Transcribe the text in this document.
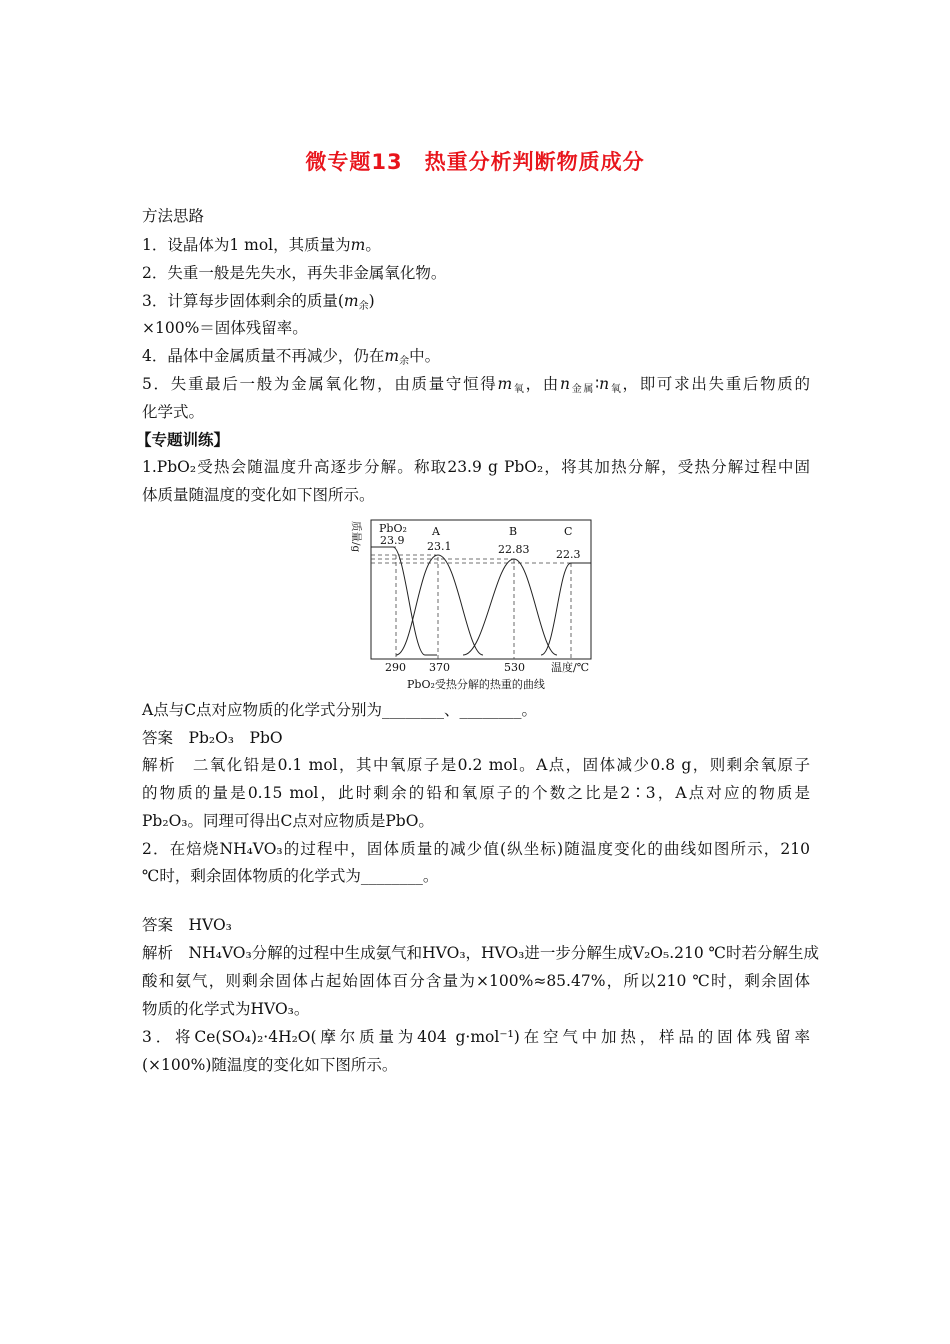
微专题13　热重分析判断物质成分
方法思路
1．设晶体为1 mol，其质量为m。
2．失重一般是先失水，再失非金属氧化物。
3．计算每步固体剩余的质量$(m_余)$
×100%＝固体残留率。
4．晶体中金属质量不再减少，仍在$m_余$中。
5．失重最后一般为金属氧化物，由质量守恒得$m_氧$，由$n_{金属}∶n_氧$，即可求出失重后物质的
化学式。
【专题训练】
1.PbO₂受热会随温度升高逐步分解。称取23.9 g PbO₂，将其加热分解，受热分解过程中固
体质量随温度的变化如下图所示。
质量/g PbO₂
23.9
A
23.1
B
22.83
C
22.3
290 370	530 温度/℃
PbO₂受热分解的热重的曲线
A点与C点对应物质的化学式分别为________、________。
答案　 Pb₂O₃　PbO
解析　 二氧化铅是0.1 mol，其中氧原子是0.2 mol。A点，固体减少0.8 g，则剩余氧原子
的物质的量是0.15 mol，此时剩余的铅和氧原子的个数之比是2∶3，A点对应的物质是
Pb₂O₃。同理可得出C点对应物质是PbO。
2．在焙烧NH₄VO₃的过程中，固体质量的减少值(纵坐标)随温度变化的曲线如图所示，210
℃时，剩余固体物质的化学式为________。
答案　 HVO₃
解析　 NH₄VO₃分解的过程中生成氨气和HVO₃，HVO₃进一步分解生成V₂O₅.210 ℃时若分解生成
酸和氨气，则剩余固体占起始固体百分含量为×100%≈85.47%，所以210 ℃时，剩余固体
物质的化学式为HVO₃。
3．将Ce(SO₄)₂·4H₂O(摩尔质量为404 g·mol⁻¹)在空气中加热，样品的固体残留率
(×100%)随温度的变化如下图所示。
